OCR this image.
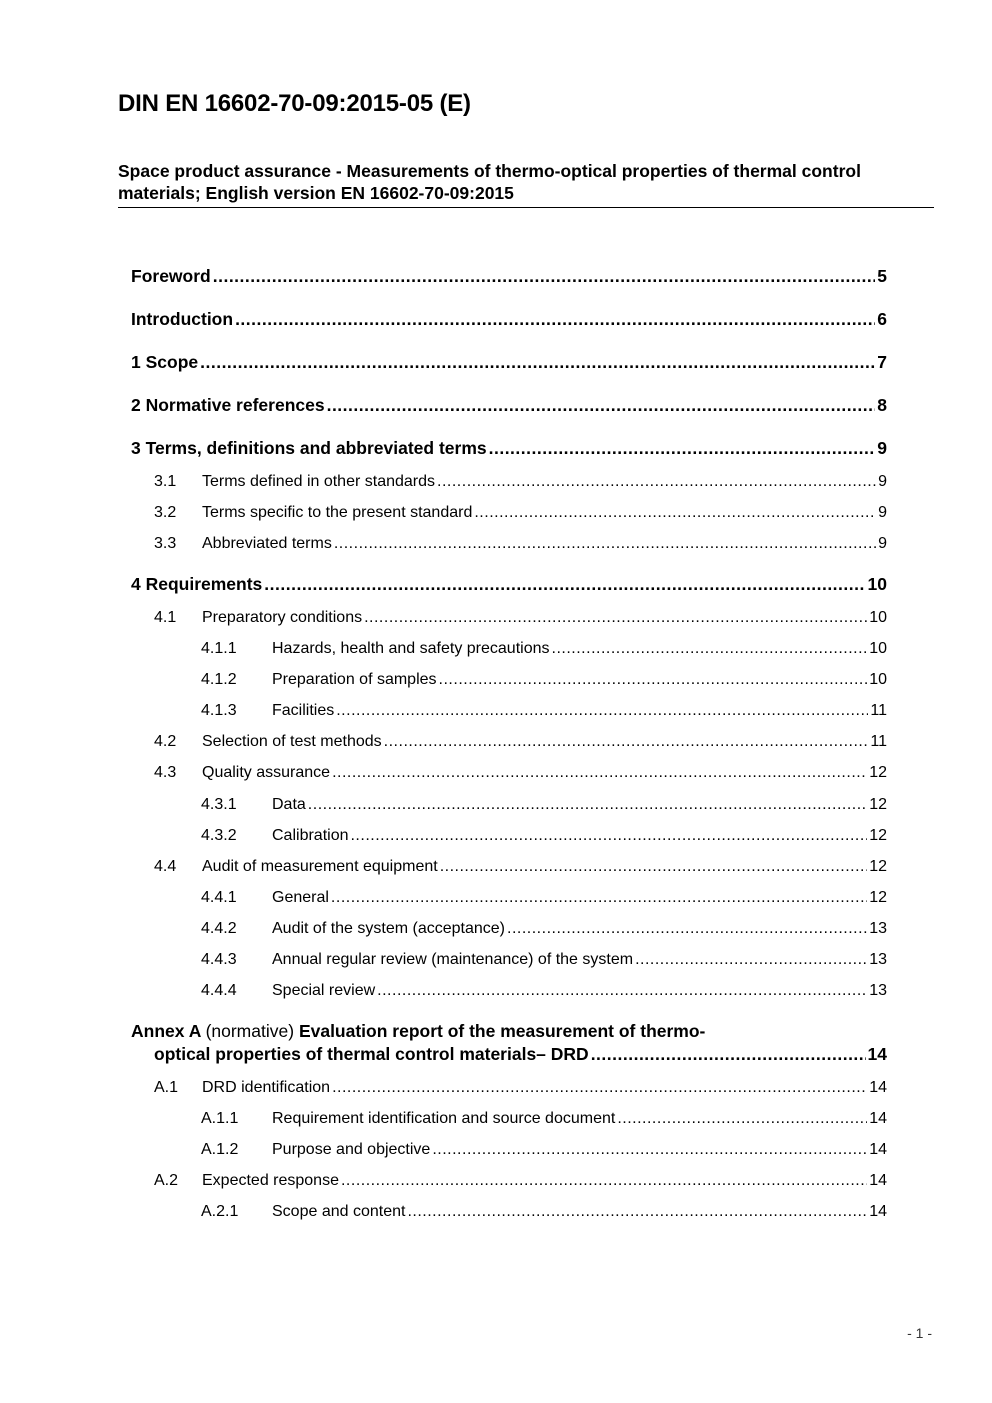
DIN EN 16602-70-09:2015-05 (E)
Space product assurance - Measurements of thermo-optical properties of thermal control materials; English version EN 16602-70-09:2015
Foreword .....	5
Introduction .....	6
1 Scope .....	7
2 Normative references .....	8
3 Terms, definitions and abbreviated terms .....	9
3.1	Terms defined in other standards .....	9
3.2	Terms specific to the present standard .....	9
3.3	Abbreviated terms .....	9
4 Requirements .....	10
4.1	Preparatory conditions .....	10
4.1.1	Hazards, health and safety precautions .....	10
4.1.2	Preparation of samples .....	10
4.1.3	Facilities .....	11
4.2	Selection of test methods .....	11
4.3	Quality assurance .....	12
4.3.1	Data .....	12
4.3.2	Calibration .....	12
4.4	Audit of measurement equipment .....	12
4.4.1	General .....	12
4.4.2	Audit of the system (acceptance) .....	13
4.4.3	Annual regular review (maintenance) of the system .....	13
4.4.4	Special review .....	13
Annex A (normative) Evaluation report of the measurement of thermo-
optical properties of thermal control materials– DRD .....	14
A.1	DRD identification .....	14
A.1.1	Requirement identification and source document .....	14
A.1.2	Purpose and objective .....	14
A.2	Expected response .....	14
A.2.1	Scope and content .....	14
- 1 -
